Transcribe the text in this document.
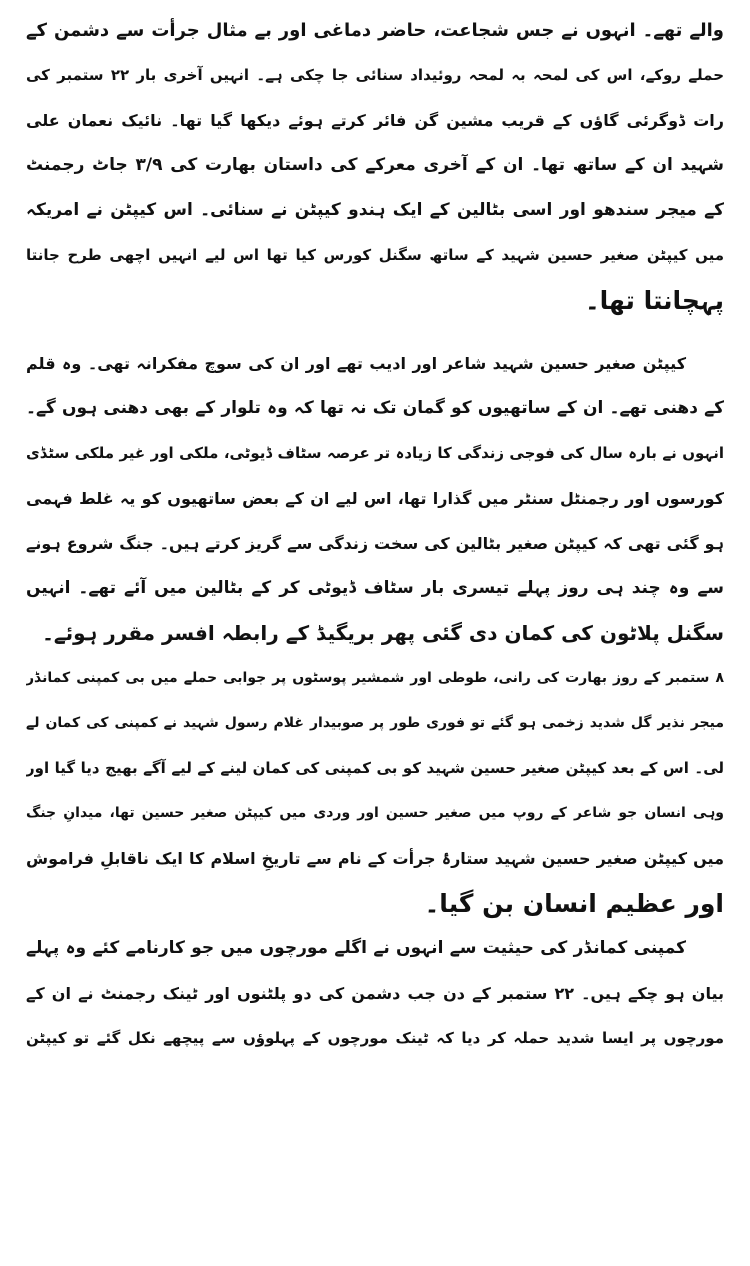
والے تھے۔ انہوں نے جس شجاعت، حاضر دماغی اور بے مثال جرأت سے دشمن کے
حملے روکے، اس کی لمحہ بہ لمحہ روئیداد سنائی جا چکی ہے۔ انہیں آخری بار ۲۲ ستمبر کی
رات ڈوگرئی گاؤں کے قریب مشین گن فائر کرتے ہوئے دیکھا گیا تھا۔ نائیک نعمان علی
شہید ان کے ساتھ تھا۔ ان کے آخری معرکے کی داستان بھارت کی ۳/۹ جاٹ رجمنٹ
کے میجر سندھو اور اسی بٹالین کے ایک ہندو کیپٹن نے سنائی۔ اس کیپٹن نے امریکہ
میں کیپٹن صغیر حسین شہید کے ساتھ سگنل کورس کیا تھا اس لیے انہیں اچھی طرح جانتا
پہچانتا تھا۔
کیپٹن صغیر حسین شہید شاعر اور ادیب تھے اور ان کی سوچ مفکرانہ تھی۔ وہ قلم
کے دھنی تھے۔ ان کے ساتھیوں کو گمان تک نہ تھا کہ وہ تلوار کے بھی دھنی ہوں گے۔
انہوں نے بارہ سال کی فوجی زندگی کا زیادہ تر عرصہ سٹاف ڈیوٹی، ملکی اور غیر ملکی سٹڈی
کورسوں اور رجمنٹل سنٹر میں گذارا تھا، اس لیے ان کے بعض ساتھیوں کو یہ غلط فہمی
ہو گئی تھی کہ کیپٹن صغیر بٹالین کی سخت زندگی سے گریز کرتے ہیں۔ جنگ شروع ہونے
سے وہ چند ہی روز پہلے تیسری بار سٹاف ڈیوٹی کر کے بٹالین میں آئے تھے۔ انہیں
سگنل پلاٹون کی کمان دی گئی پھر بریگیڈ کے رابطہ افسر مقرر ہوئے۔
۸ ستمبر کے روز بھارت کی رانی، طوطی اور شمشیر پوسٹوں پر جوابی حملے میں بی کمپنی کمانڈر
میجر نذیر گل شدید زخمی ہو گئے تو فوری طور پر صوبیدار غلام رسول شہید نے کمپنی کی کمان لے
لی۔ اس کے بعد کیپٹن صغیر حسین شہید کو بی کمپنی کی کمان لینے کے لیے آگے بھیج دیا گیا اور
وہی انسان جو شاعر کے روپ میں صغیر حسین اور وردی میں کیپٹن صغیر حسین تھا، میدانِ جنگ
میں کیپٹن صغیر حسین شہید ستارۂ جرأت کے نام سے تاریخِ اسلام کا ایک ناقابلِ فراموش
اور عظیم انسان بن گیا۔
کمپنی کمانڈر کی حیثیت سے انہوں نے اگلے مورچوں میں جو کارنامے کئے وہ پہلے
بیان ہو چکے ہیں۔ ۲۲ ستمبر کے دن جب دشمن کی دو پلٹنوں اور ٹینک رجمنٹ نے ان کے
مورچوں پر ایسا شدید حملہ کر دیا کہ ٹینک مورچوں کے پہلوؤں سے پیچھے نکل گئے تو کیپٹن
